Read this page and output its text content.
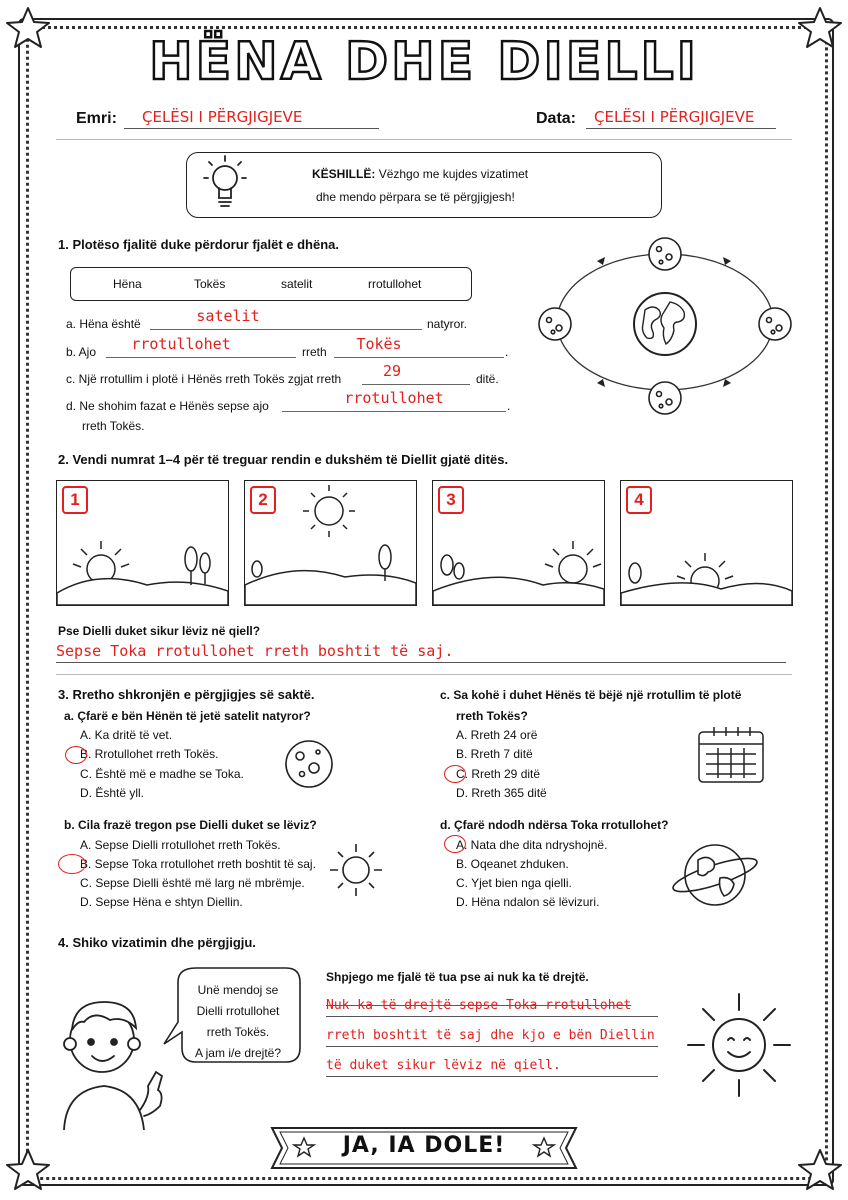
HËNA DHE DIELLI
Emri: ÇELËSI I PËRGJIGJEVE	Data: ÇELËSI I PËRGJIGJEVE
KËSHILLË: Vëzhgo me kujdes vizatimet
dhe mendo përpara se të përgjigjesh!
1. Plotëso fjalitë duke përdorur fjalët e dhëna.
Hëna	Tokës	satelit	rrotullohet
a. Hëna është	satelit	natyror.
b. Ajo	rrotullohet	rreth	Tokës	.
c. Një rrotullim i plotë i Hënës rreth Tokës zgjat rreth	29	ditë.
d. Ne shohim fazat e Hënës sepse ajo	rrotullohet	.
rreth Tokës.
2. Vendi numrat 1–4 për të treguar rendin e dukshëm të Diellit gjatë ditës.
1	2	3	4
Pse Dielli duket sikur lëviz në qiell?
Sepse Toka rrotullohet rreth boshtit të saj.
3. Rretho shkronjën e përgjigjes së saktë.
a. Çfarë e bën Hënën të jetë satelit natyror?
A. Ka dritë të vet.
B. Rrotullohet rreth Tokës.
C. Është më e madhe se Toka.
D. Është yll.
b. Cila frazë tregon pse Dielli duket se lëviz?
A. Sepse Dielli rrotullohet rreth Tokës.
B. Sepse Toka rrotullohet rreth boshtit të saj.
C. Sepse Dielli është më larg në mbrëmje.
D. Sepse Hëna e shtyn Diellin.
c. Sa kohë i duhet Hënës të bëjë një rrotullim të plotë
rreth Tokës?
A. Rreth 24 orë
B. Rreth 7 ditë
C. Rreth 29 ditë
D. Rreth 365 ditë
d. Çfarë ndodh ndërsa Toka rrotullohet?
A. Nata dhe dita ndryshojnë.
B. Oqeanet zhduken.
C. Yjet bien nga qielli.
D. Hëna ndalon së lëvizuri.
4. Shiko vizatimin dhe përgjigju.
Unë mendoj se
Dielli rrotullohet
rreth Tokës.
A jam i/e drejtë?
Shpjego me fjalë të tua pse ai nuk ka të drejtë.
Nuk ka të drejtë sepse Toka rrotullohet
rreth boshtit të saj dhe kjo e bën Diellin
të duket sikur lëviz në qiell.
JA, IA DOLE!
